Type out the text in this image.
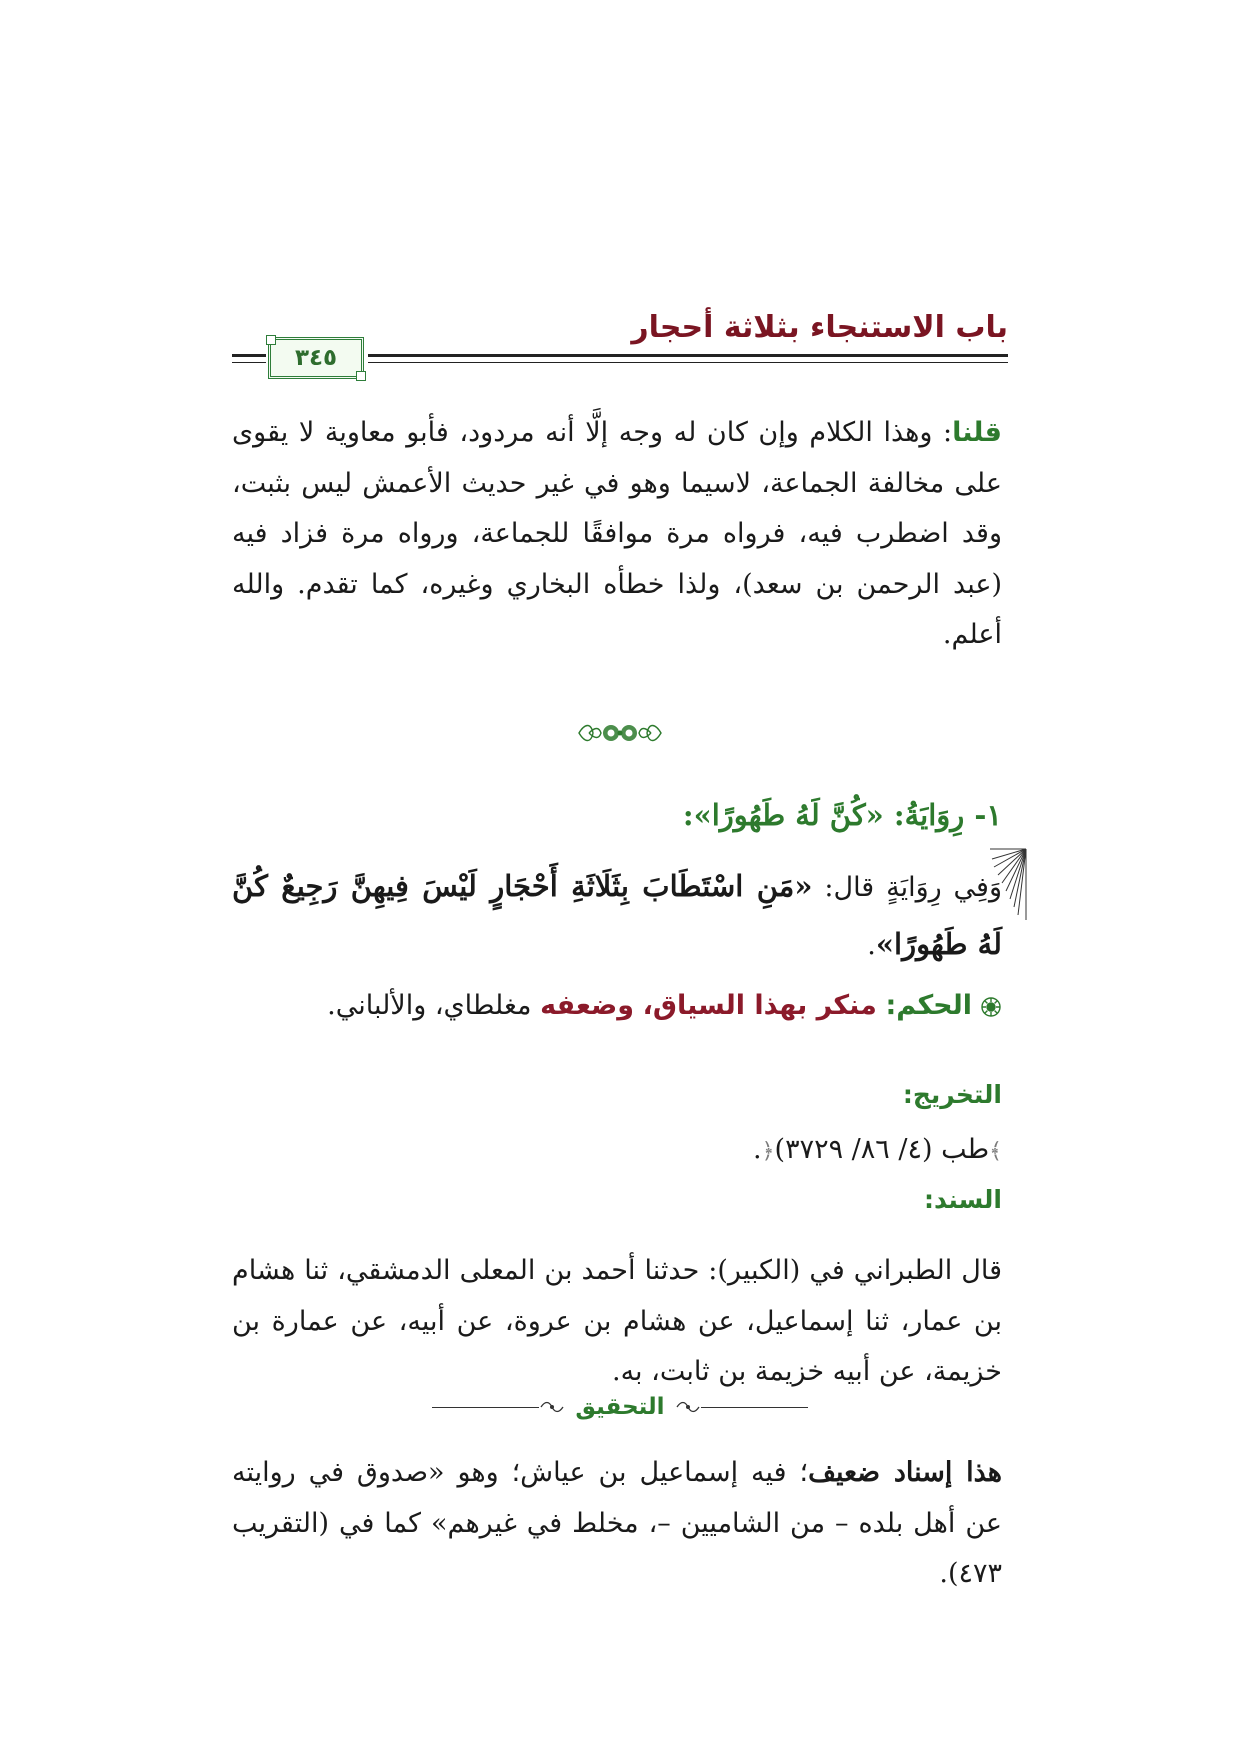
باب الاستنجاء بثلاثة أحجار
٣٤٥
قلنا: وهذا الكلام وإن كان له وجه إلَّا أنه مردود، فأبو معاوية لا يقوى على مخالفة الجماعة، لاسيما وهو في غير حديث الأعمش ليس بثبت، وقد اضطرب فيه، فرواه مرة موافقًا للجماعة، ورواه مرة فزاد فيه (عبد الرحمن بن سعد)، ولذا خطأه البخاري وغيره، كما تقدم. والله أعلم.
١- رِوَايَةُ: «كُنَّ لَهُ طَهُورًا»:
وَفِي رِوَايَةٍ قال: «مَنِ اسْتَطَابَ بِثَلَاثَةِ أَحْجَارٍ لَيْسَ فِيهِنَّ رَجِيعٌ كُنَّ لَهُ طَهُورًا».
الحكم: منكر بهذا السياق، وضعفه مغلطاي، والألباني.
التخريج:
﴾طب (٤/ ٨٦/ ٣٧٢٩)﴿.
السند:
قال الطبراني في (الكبير): حدثنا أحمد بن المعلى الدمشقي، ثنا هشام بن عمار، ثنا إسماعيل، عن هشام بن عروة، عن أبيه، عن عمارة بن خزيمة، عن أبيه خزيمة بن ثابت، به.
التحقيق
هذا إسناد ضعيف؛ فيه إسماعيل بن عياش؛ وهو «صدوق في روايته عن أهل بلده – من الشاميين –، مخلط في غيرهم» كما في (التقريب ٤٧٣).
